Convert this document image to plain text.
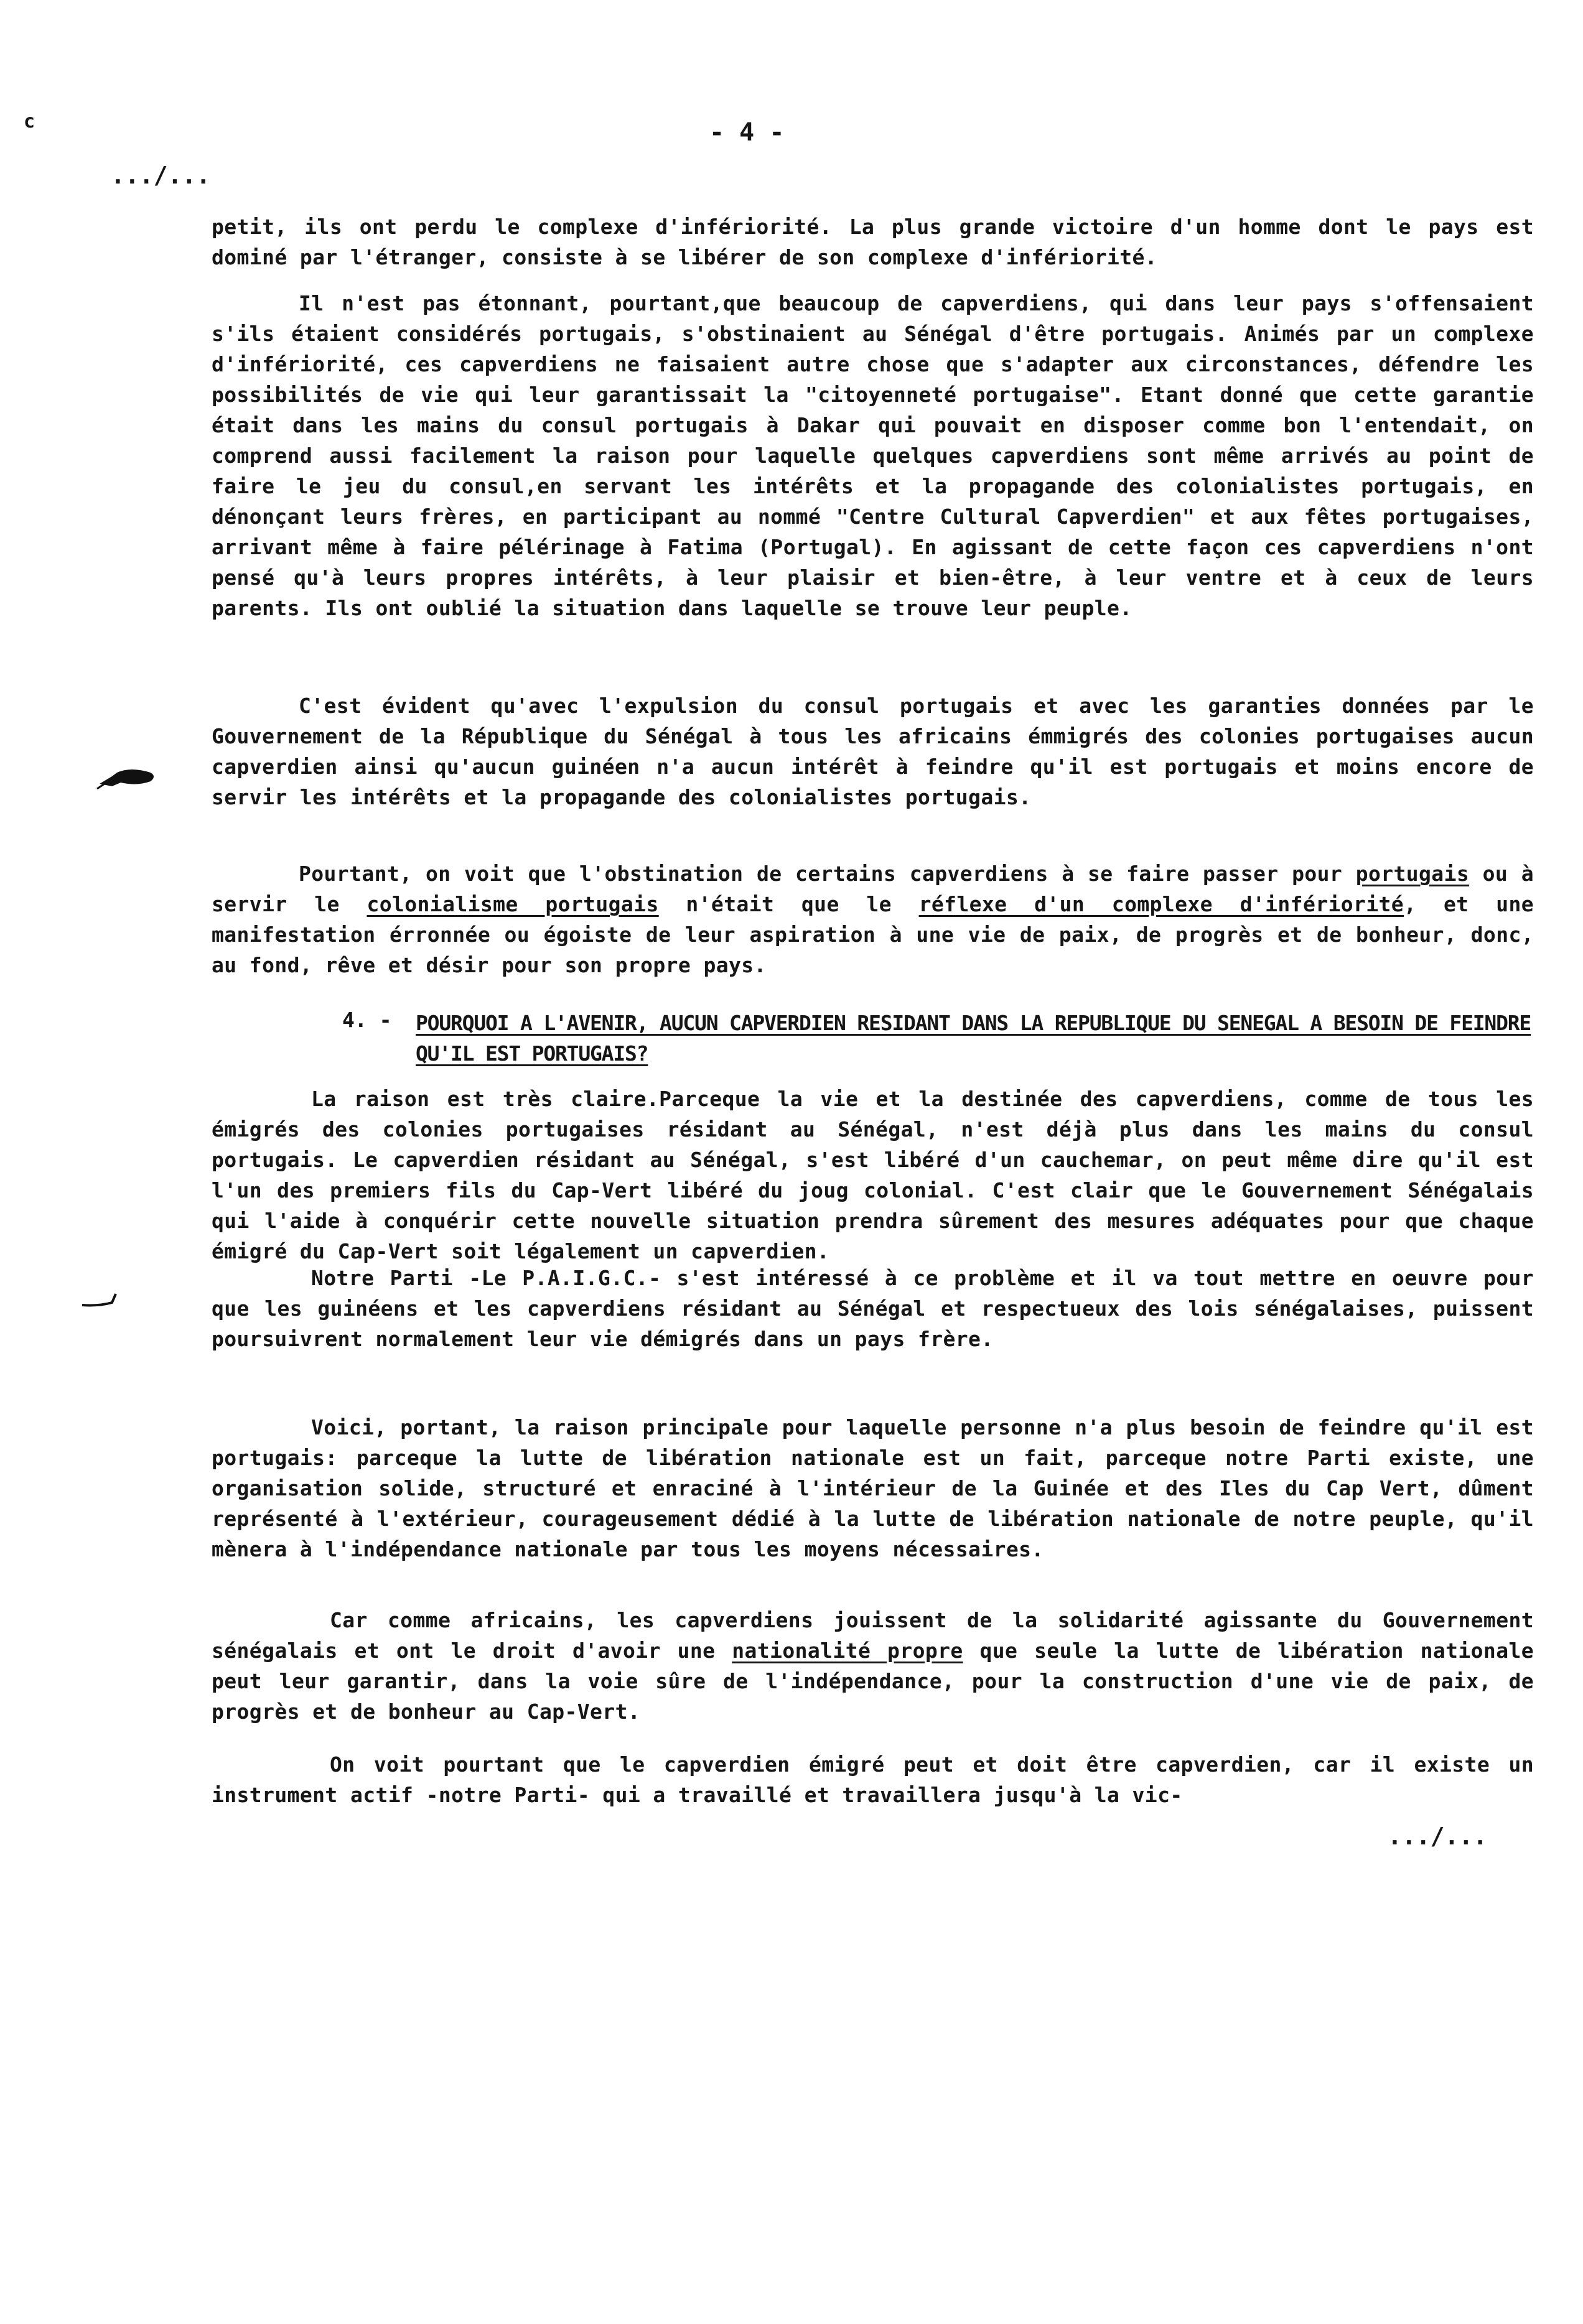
c	- 4 -
.../...
petit, ils ont perdu le complexe d'infériorité. La plus grande victoire d'un homme dont le pays est dominé par l'étranger, consiste à se libérer de son complexe d'infériorité.
Il n'est pas étonnant, pourtant,que beaucoup de capverdiens, qui dans leur pays s'offensaient s'ils étaient considérés portugais, s'obstinaient au Sénégal d'être portugais. Animés par un complexe d'infériorité, ces capverdiens ne faisaient autre chose que s'adapter aux circonstances, défendre les possibilités de vie qui leur garantissait la "citoyenneté portugaise". Etant donné que cette garantie était dans les mains du consul portugais à Dakar qui pouvait en disposer comme bon l'entendait, on comprend aussi facilement la raison pour laquelle quelques capverdiens sont même arrivés au point de faire le jeu du consul,en servant les intérêts et la propagande des colonialistes portugais, en dénonçant leurs frères, en participant au nommé "Centre Cultural Capverdien" et aux fêtes portugaises, arrivant même à faire pélérinage à Fatima (Portugal). En agissant de cette façon ces capverdiens n'ont pensé qu'à leurs propres intérêts, à leur plaisir et bien-être, à leur ventre et à ceux de leurs parents. Ils ont oublié la situation dans laquelle se trouve leur peuple.
C'est évident qu'avec l'expulsion du consul portugais et avec les garanties données par le Gouvernement de la République du Sénégal à tous les africains émmigrés des colonies portugaises aucun capverdien ainsi qu'aucun guinéen n'a aucun intérêt à feindre qu'il est portugais et moins encore de servir les intérêts et la propagande des colonialistes portugais.
Pourtant, on voit que l'obstination de certains capverdiens à se faire passer pour portugais ou à servir le colonialisme portugais n'était que le réflexe d'un complexe d'infériorité, et une manifestation érronnée ou égoiste de leur aspiration à une vie de paix, de progrès et de bonheur, donc, au fond, rêve et désir pour son propre pays.
4. - POURQUOI A L'AVENIR, AUCUN CAPVERDIEN RESIDANT DANS LA REPUBLIQUE DU SENEGAL A BESOIN DE FEINDRE QU'IL EST PORTUGAIS?
La raison est très claire.Parceque la vie et la destinée des capverdiens, comme de tous les émigrés des colonies portugaises résidant au Sénégal, n'est déjà plus dans les mains du consul portugais. Le capverdien résidant au Sénégal, s'est libéré d'un cauchemar, on peut même dire qu'il est l'un des premiers fils du Cap-Vert libéré du joug colonial. C'est clair que le Gouvernement Sénégalais qui l'aide à conquérir cette nouvelle situation prendra sûrement des mesures adéquates pour que chaque émigré du Cap-Vert soit légalement un capverdien.
Notre Parti -Le P.A.I.G.C.- s'est intéressé à ce problème et il va tout mettre en oeuvre pour que les guinéens et les capverdiens résidant au Sénégal et respectueux des lois sénégalaises, puissent poursuivrent normalement leur vie démigrés dans un pays frère.
Voici, portant, la raison principale pour laquelle personne n'a plus besoin de feindre qu'il est portugais: parceque la lutte de libération nationale est un fait, parceque notre Parti existe, une organisation solide, structuré et enraciné à l'intérieur de la Guinée et des Iles du Cap Vert, dûment représenté à l'extérieur, courageusement dédié à la lutte de libération nationale de notre peuple, qu'il mènera à l'indépendance nationale par tous les moyens nécessaires.
Car comme africains, les capverdiens jouissent de la solidarité agissante du Gouvernement sénégalais et ont le droit d'avoir une nationalité propre que seule la lutte de libération nationale peut leur garantir, dans la voie sûre de l'indépendance, pour la construction d'une vie de paix, de progrès et de bonheur au Cap-Vert.
On voit pourtant que le capverdien émigré peut et doit être capverdien, car il existe un instrument actif -notre Parti- qui a travaillé et travaillera jusqu'à la vic-
.../...
